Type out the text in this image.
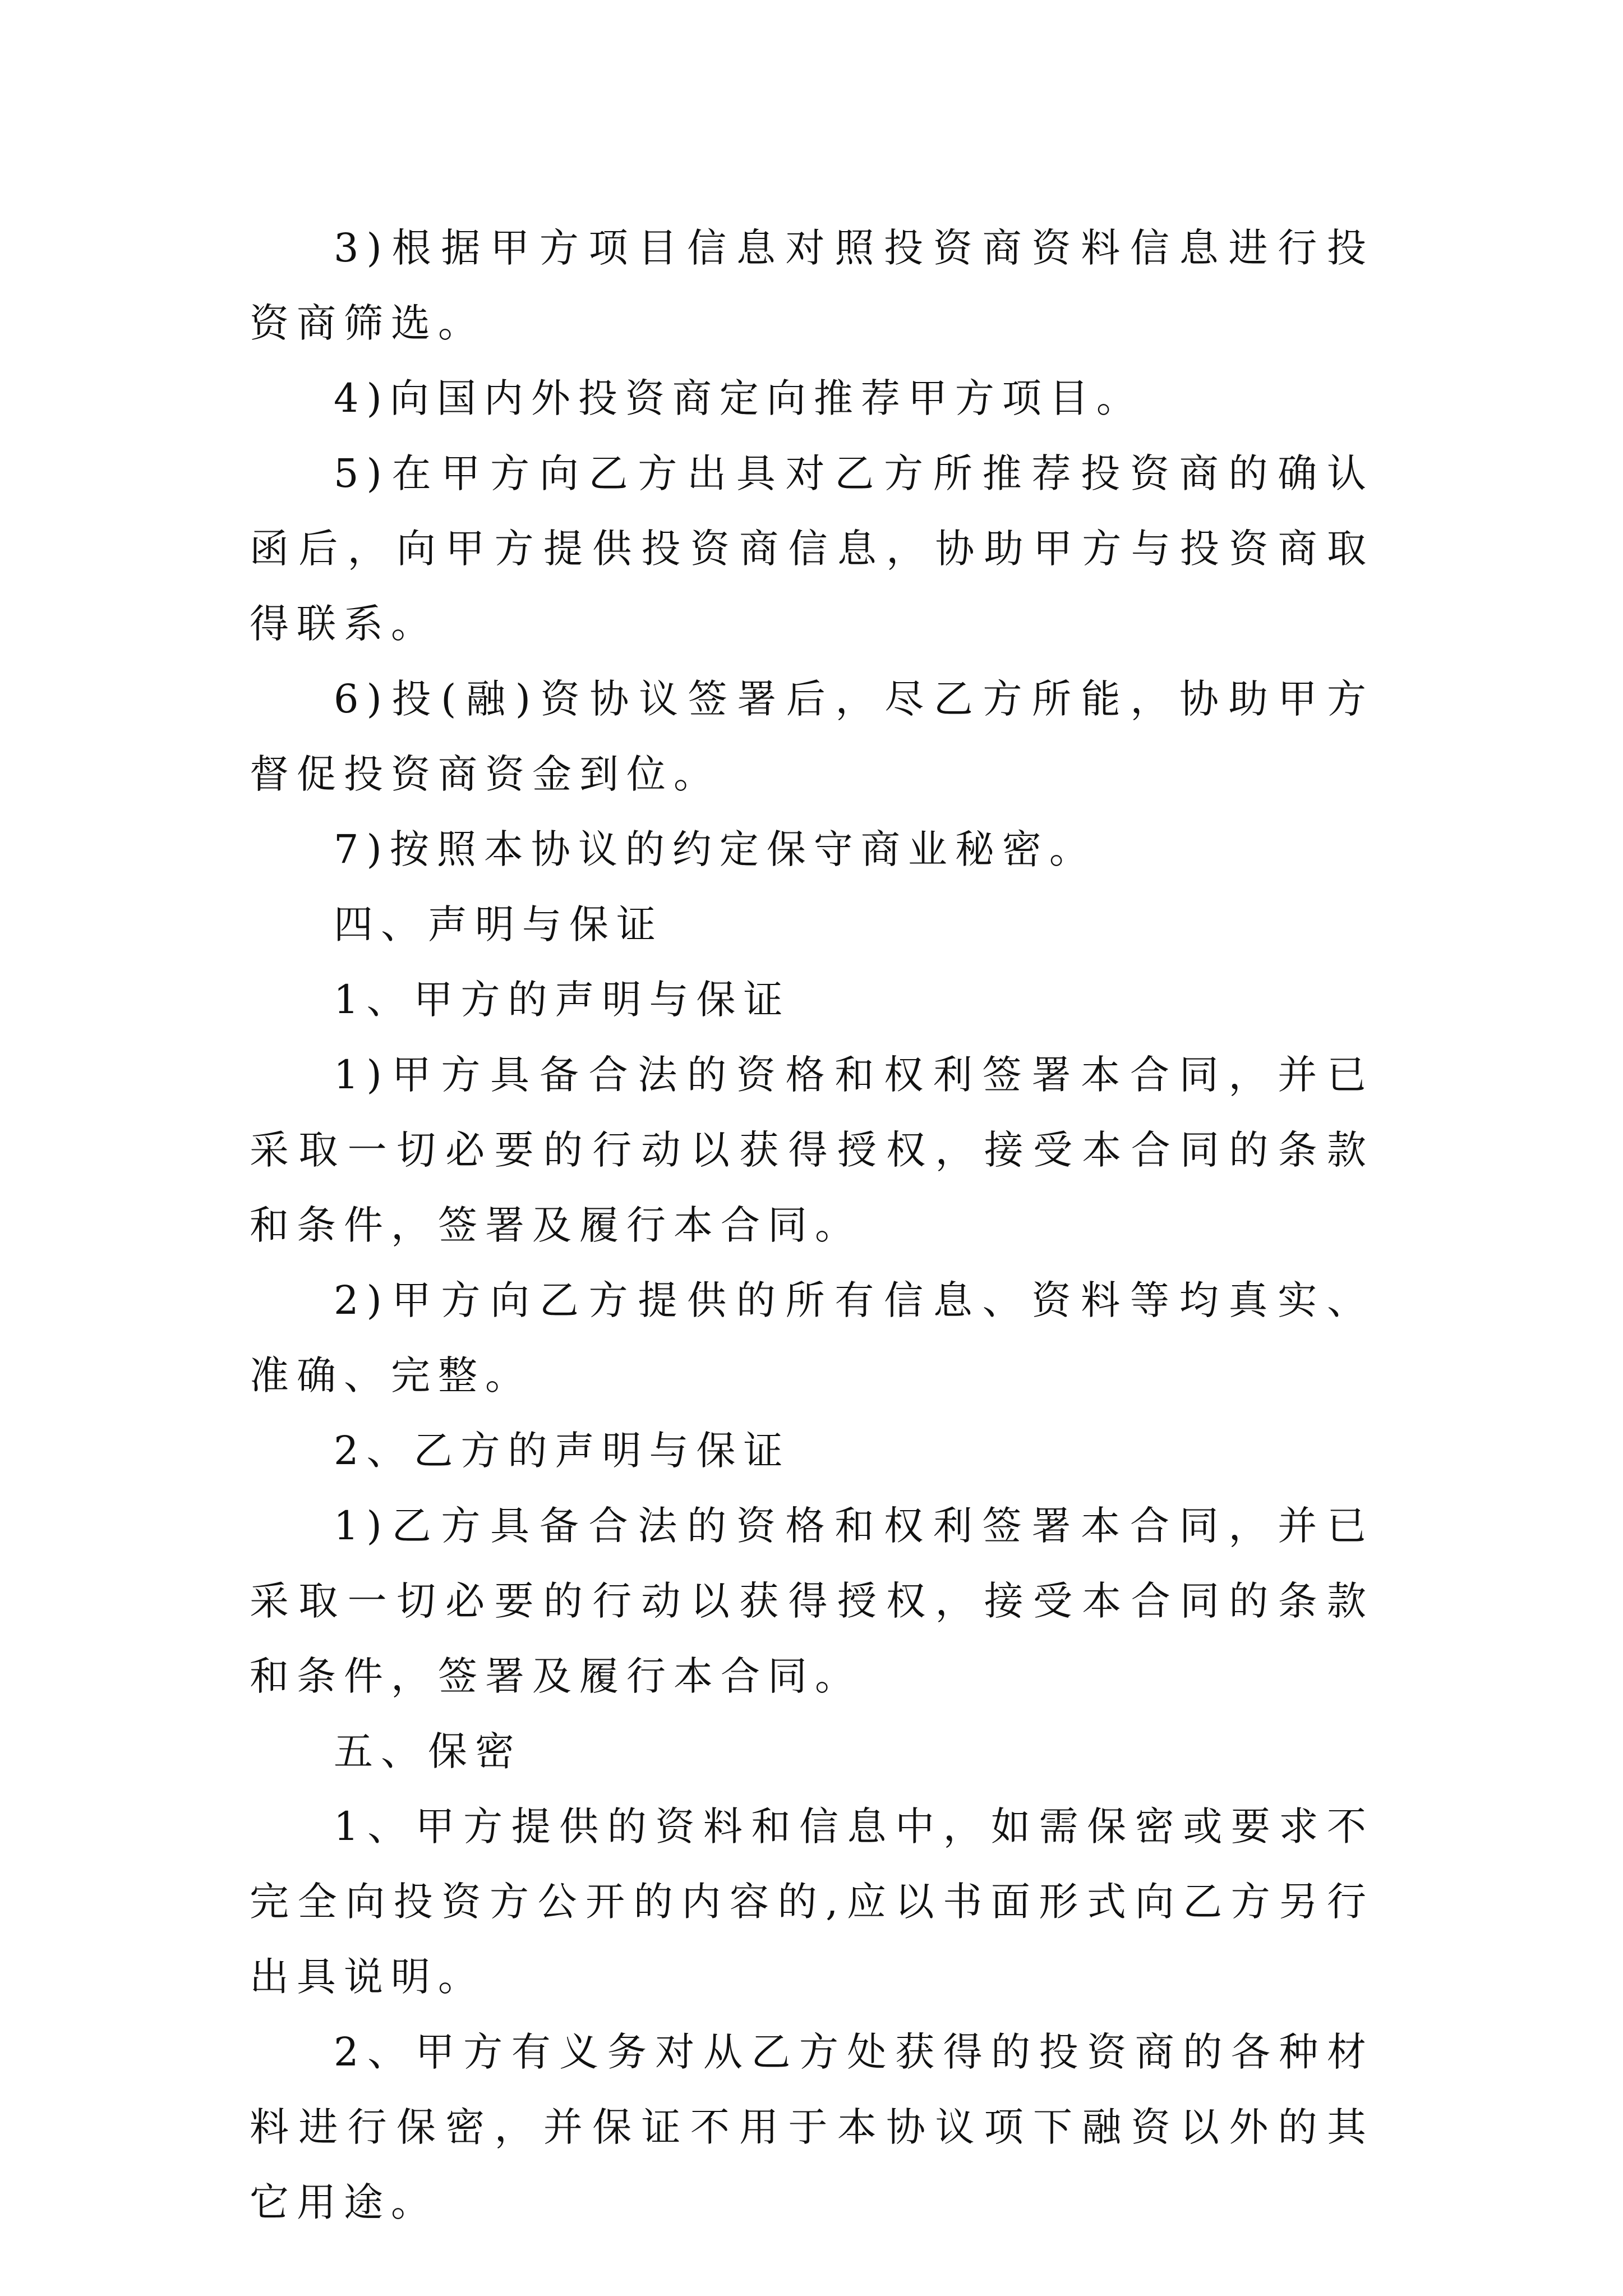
3)根据甲方项目信息对照投资商资料信息进行投资商筛选。

4)向国内外投资商定向推荐甲方项目。

5)在甲方向乙方出具对乙方所推荐投资商的确认函后，向甲方提供投资商信息，协助甲方与投资商取得联系。

6)投(融)资协议签署后，尽乙方所能，协助甲方督促投资商资金到位。

7)按照本协议的约定保守商业秘密。

四、声明与保证

1、甲方的声明与保证

1)甲方具备合法的资格和权利签署本合同，并已采取一切必要的行动以获得授权，接受本合同的条款和条件，签署及履行本合同。

2)甲方向乙方提供的所有信息、资料等均真实、准确、完整。

2、乙方的声明与保证

1)乙方具备合法的资格和权利签署本合同，并已采取一切必要的行动以获得授权，接受本合同的条款和条件，签署及履行本合同。

五、保密

1、甲方提供的资料和信息中，如需保密或要求不完全向投资方公开的内容的,应以书面形式向乙方另行出具说明。

2、甲方有义务对从乙方处获得的投资商的各种材料进行保密，并保证不用于本协议项下融资以外的其它用途。
